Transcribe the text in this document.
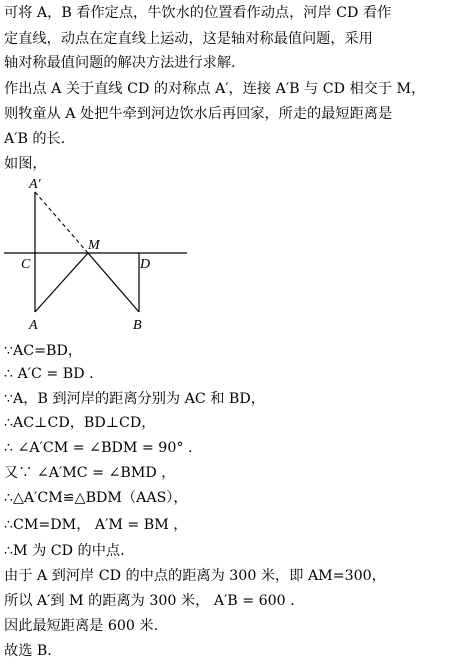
可将 A，B 看作定点，牛饮水的位置看作动点，河岸 CD 看作
定直线，动点在定直线上运动，这是轴对称最值问题，采用
轴对称最值问题的解决方法进行求解.
作出点 A 关于直线 CD 的对称点 A′，连接 A′B 与 CD 相交于 M，
则牧童从 A 处把牛牵到河边饮水后再回家，所走的最短距离是
A′B 的长.
如图，
A′
M
C	D
A	B
∵AC=BD，
∴ A′C = BD .
∵A，B 到河岸的距离分别为 AC 和 BD，
∴AC⊥CD，BD⊥CD，
∴ ∠A′CM = ∠BDM = 90° .
又∵ ∠A′MC = ∠BMD ，
∴△A′CM≌△BDM（AAS），
∴CM=DM， A′M = BM ，
∴M 为 CD 的中点.
由于 A 到河岸 CD 的中点的距离为 300 米，即 AM=300，
所以 A′到 M 的距离为 300 米， A′B = 600 .
因此最短距离是 600 米.
故选 B.
